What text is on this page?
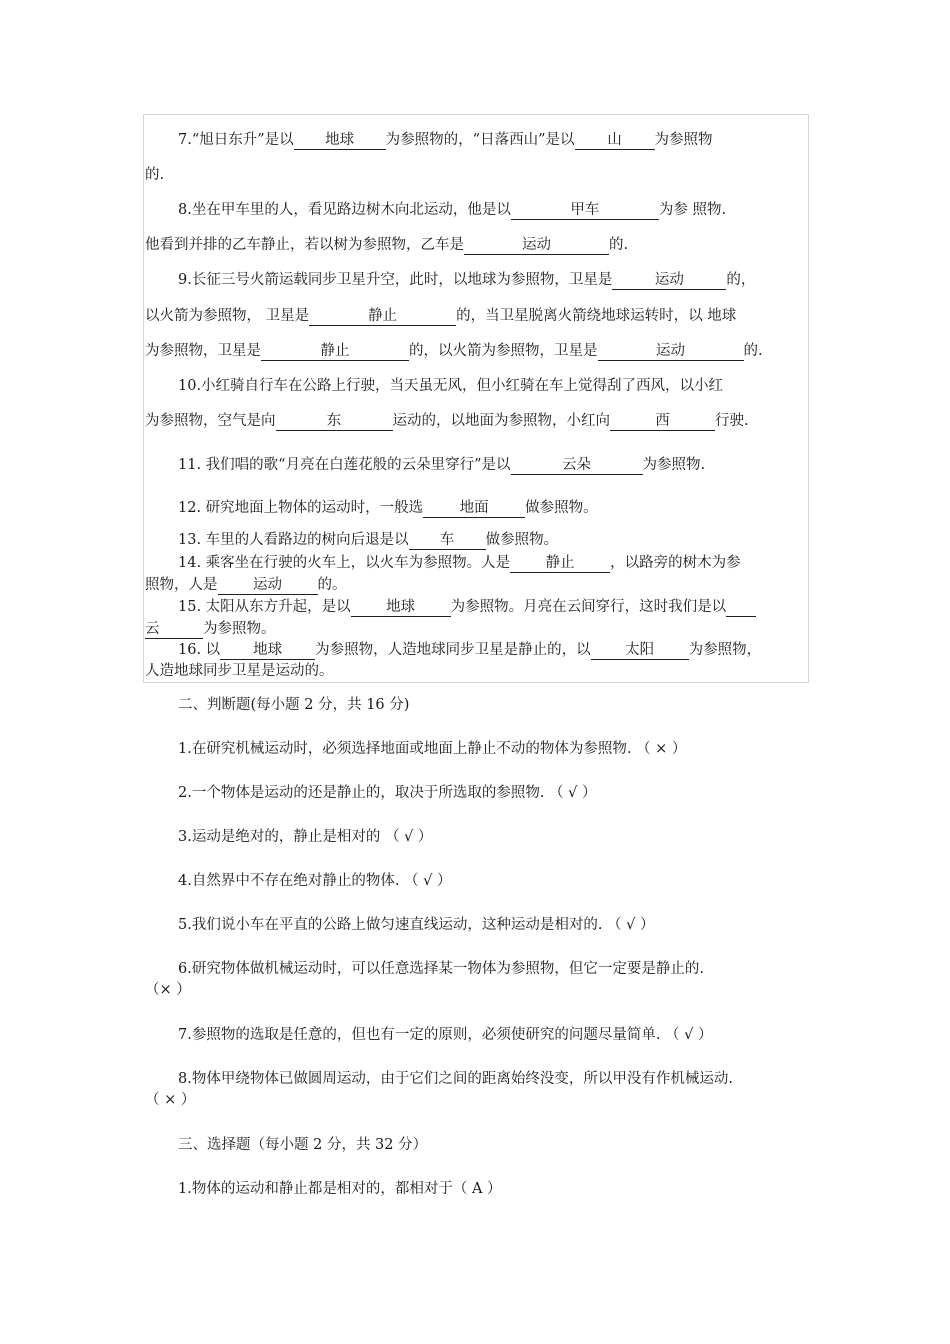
7.“旭日东升”是以 地球 为参照物的，“日落西山”是以 山 为参照物
的.
8.坐在甲车里的人，看见路边树木向北运动，他是以	甲车	为参 照物.
他看到并排的乙车静止，若以树为参照物，乙车是	运动	的.
9.长征三号火箭运载同步卫星升空，此时，以地球为参照物，卫星是	运动	的，
以火箭为参照物， 卫星是	静止	的，当卫星脱离火箭绕地球运转时，以 地球
为参照物，卫星是	静止	的，以火箭为参照物，卫星是	运动	的.
10.小红骑自行车在公路上行驶，当天虽无风，但小红骑在车上觉得刮了西风，以小红
为参照物，空气是向	东	运动的，以地面为参照物，小红向	西	行驶.
11. 我们唱的歌“月亮在白莲花般的云朵里穿行”是以	云朵	为参照物.
12. 研究地面上物体的运动时，一般选	地面	做参照物。
13. 车里的人看路边的树向后退是以 车 做参照物。
14. 乘客坐在行驶的火车上，以火车为参照物。人是 静止 ，以路旁的树木为参
照物，人是 运动 的。
15. 太阳从东方升起，是以 地球 为参照物。月亮在云间穿行，这时我们是以
云	为参照物。
16. 以 地球 为参照物，人造地球同步卫星是静止的，以 太阳 为参照物，
人造地球同步卫星是运动的。
二、判断题(每小题 2 分，共 16 分)
1.在研究机械运动时，必须选择地面或地面上静止不动的物体为参照物. （ × ）
2.一个物体是运动的还是静止的，取决于所选取的参照物. （ √ ）
3.运动是绝对的，静止是相对的 （ √ ）
4.自然界中不存在绝对静止的物体. （ √ ）
5.我们说小车在平直的公路上做匀速直线运动，这种运动是相对的. （ √ ）
6.研究物体做机械运动时，可以任意选择某一物体为参照物，但它一定要是静止的.
（× ）
7.参照物的选取是任意的，但也有一定的原则，必须使研究的问题尽量简单. （ √ ）
8.物体甲绕物体已做圆周运动，由于它们之间的距离始终没变，所以甲没有作机械运动.
（ × ）
三、选择题（每小题 2 分，共 32 分）
1.物体的运动和静止都是相对的，都相对于（ A ）
